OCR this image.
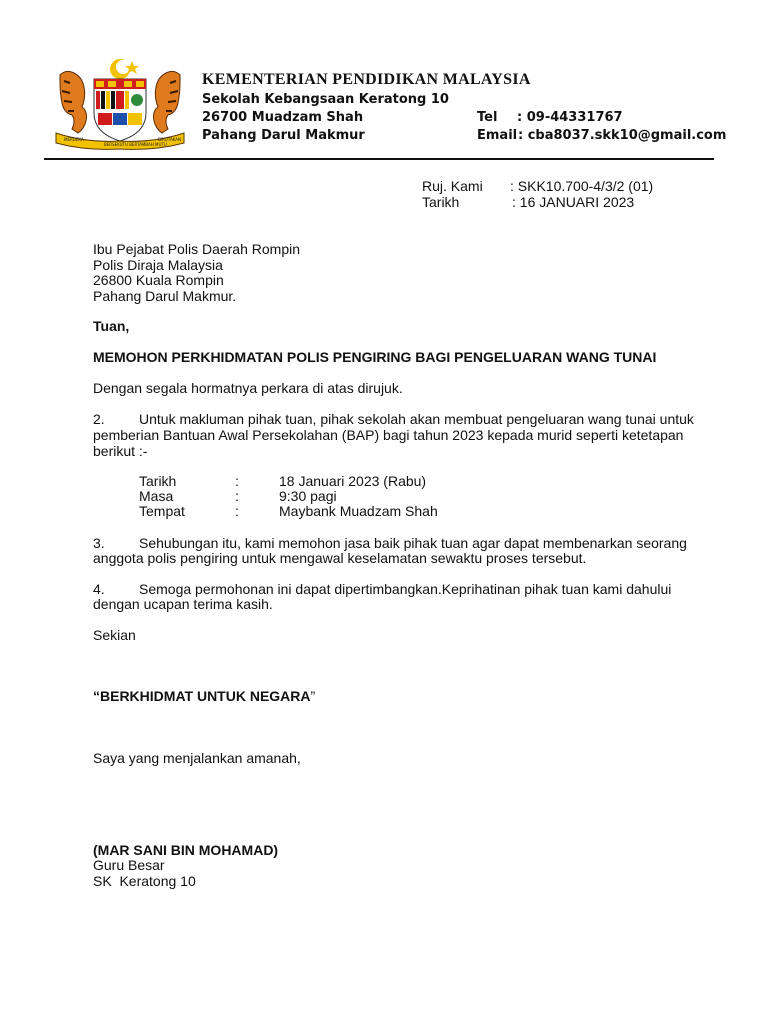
MERDEKA
BERSEKUTU BERTAMBAH MUTU
DIKOTAKAN
KEMENTERIAN PENDIDIKAN MALAYSIA
Sekolah Kebangsaan Keratong 10
26700 Muadzam Shah
Pahang Darul Makmur
Tel : 09-44331767
Email : cba8037.skk10@gmail.com
Ruj. Kami : SKK10.700-4/3/2 (01)
Tarikh	: 16 JANUARI 2023
Ibu Pejabat Polis Daerah Rompin
Polis Diraja Malaysia
26800 Kuala Rompin
Pahang Darul Makmur.
Tuan,
MEMOHON PERKHIDMATAN POLIS PENGIRING BAGI PENGELUARAN WANG TUNAI
Dengan segala hormatnya perkara di atas dirujuk.
2. Untuk makluman pihak tuan, pihak sekolah akan membuat pengeluaran wang tunai untuk
pemberian Bantuan Awal Persekolahan (BAP) bagi tahun 2023 kepada murid seperti ketetapan
berikut :-
Tarikh	:	18 Januari 2023 (Rabu)
Masa	:	9:30 pagi
Tempat	:	Maybank Muadzam Shah
3. Sehubungan itu, kami memohon jasa baik pihak tuan agar dapat membenarkan seorang
anggota polis pengiring untuk mengawal keselamatan sewaktu proses tersebut.
4. Semoga permohonan ini dapat dipertimbangkan.Keprihatinan pihak tuan kami dahului
dengan ucapan terima kasih.
Sekian
“BERKHIDMAT UNTUK NEGARA”
Saya yang menjalankan amanah,
(MAR SANI BIN MOHAMAD)
Guru Besar
SK  Keratong 10
